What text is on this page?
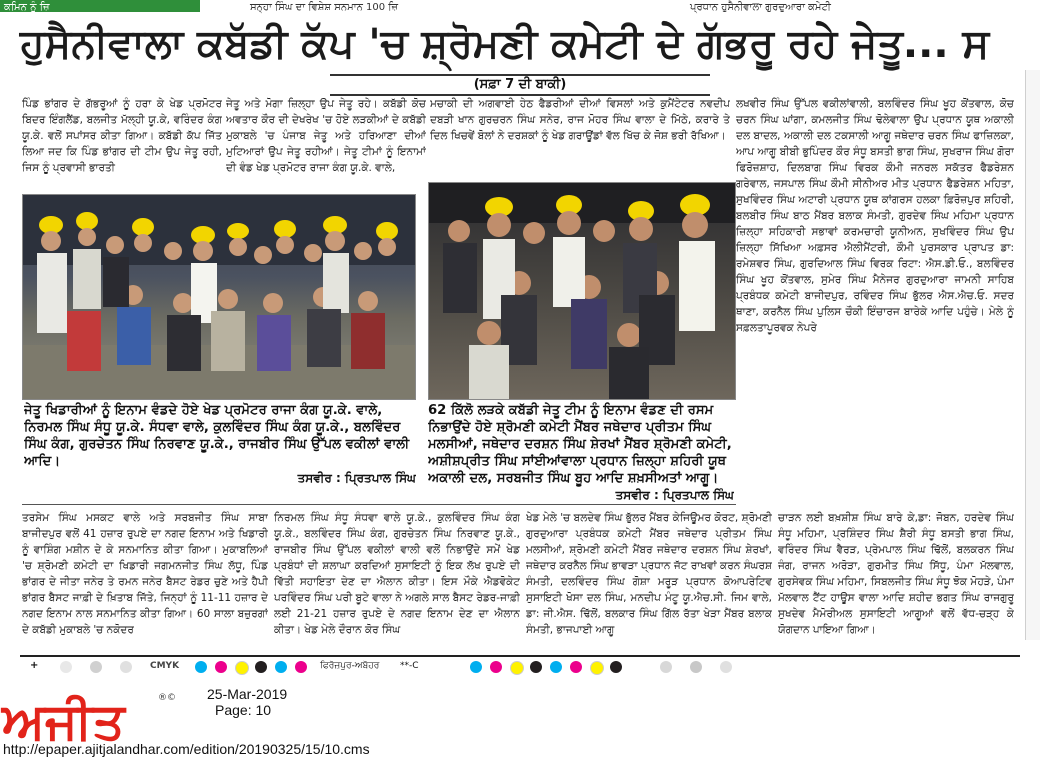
ਕਮਿਨ ਨੂੰ ਜ਼ਿ	ਸਨ੍ਹਾ ਸਿੰਘ ਦਾ ਵਿਸ਼ੇਸ਼ ਸਨਮਾਨ 100 ਜ਼ਿ	ਪ੍ਰਧਾਨ ਹੁਸੈਨੀਵਾਲਾ ਗੁਰਦੁਆਰਾ ਕਮੇਟੀ
ਹੁਸੈਨੀਵਾਲਾ ਕਬੱਡੀ ਕੱਪ 'ਚ ਸ਼੍ਰੋਮਣੀ ਕਮੇਟੀ ਦੇ ਗੱਭਰੂ ਰਹੇ ਜੇਤੂ... ਸ
(ਸਫ਼ਾ 7 ਦੀ ਬਾਕੀ)
ਪਿੰਡ ਭਾਂਗਰ ਦੇ ਗੱਭਰੂਆਂ ਨੂੰ ਹਰਾ ਕੇ ਖੇਡ ਪ੍ਰਮੋਟਰ ਬਿਦਰ ਇੰਗਲੈਂਡ, ਬਲਜੀਤ ਮੱਲ੍ਹੀ ਯੂ.ਕੇ, ਵਰਿੰਦਰ ਕੰਗ ਯੂ.ਕੇ. ਵਲੋਂ ਸਪਾਂਸਰ ਕੀਤਾ ਗਿਆ। ਕਬੱਡੀ ਕੱਪ ਜਿੱਤ ਲਿਆ ਜਦ ਕਿ ਪਿੰਡ ਭਾਂਗਰ ਦੀ ਟੀਮ ਉਪ ਜੇਤੂ ਰਹੀ, ਜਿਸ ਨੂੰ ਪ੍ਰਵਾਸੀ ਭਾਰਤੀ
ਜੇਤੂ ਅਤੇ ਮੋਗਾ ਜ਼ਿਲ੍ਹਾ ਉਪ ਜੇਤੂ ਰਹੇ। ਕਬੱਡੀ ਕੋਚ ਅਵਤਾਰ ਕੌਰ ਦੀ ਦੇਖਰੇਖ 'ਚ ਹੋਏ ਲੜਕੀਆਂ ਦੇ ਕਬੱਡੀ ਮੁਕਾਬਲੇ 'ਚ ਪੰਜਾਬ ਜੇਤੂ ਅਤੇ ਹਰਿਆਣਾ ਦੀਆਂ ਮੁਟਿਆਰਾਂ ਉਪ ਜੇਤੂ ਰਹੀਆਂ। ਜੇਤੂ ਟੀਮਾਂ ਨੂੰ ਇਨਾਮਾਂ ਦੀ ਵੰਡ ਖੇਡ ਪ੍ਰਮੋਟਰ ਰਾਜਾ ਕੰਗ ਯੂ.ਕੇ. ਵਾਲੇ,
ਮਚਾਕੀ ਦੀ ਅਗਵਾਈ ਹੇਠ ਫੈਡਰੀਆਂ ਦੀਆਂ ਵਿਸਲਾਂ ਅਤੇ ਕੁਮੈਂਟੇਟਰ ਨਵਦੀਪ ਦਬੜੀ ਖਾਨ ਗੁਰਚਰਨ ਸਿੰਘ ਸਨੇਰ, ਰਾਜ ਮੋਹਰ ਸਿੰਘ ਵਾਲਾ ਦੇ ਮਿੱਠੇ, ਕਰਾਰੇ ਤੇ ਦਿਲ ਖਿਚਵੇਂ ਬੋਲਾਂ ਨੇ ਦਰਸ਼ਕਾਂ ਨੂੰ ਖੇਡ ਗਰਾਊਂਡਾਂ ਵੱਲ ਖਿੱਚ ਕੇ ਜੋਸ਼ ਭਰੀ ਰੱਖਿਆ।
ਲਖਵੀਰ ਸਿੰਘ ਉੱਪਲ ਵਕੀਲਾਂਵਾਲੀ, ਬਲਵਿੰਦਰ ਸਿੰਘ ਖੂਹ ਕੋਂਤਵਾਲ, ਕੋਚ ਚਰਨ ਸਿੰਘ ਘਾਂਗਾ, ਕਮਲਜੀਤ ਸਿੰਘ ਢੋਲੇਵਾਲਾ ਉਪ ਪ੍ਰਧਾਨ ਯੂਥ ਅਕਾਲੀ ਦਲ ਬਾਦਲ, ਅਕਾਲੀ ਦਲ ਟਕਸਾਲੀ ਆਗੂ ਜਥੇਦਾਰ ਚਰਨ ਸਿੰਘ ਫਾਜ਼ਿਲਕਾ, ਆਪ ਆਗੂ ਬੀਬੀ ਭੁਪਿੰਦਰ ਕੌਰ ਸੰਧੂ ਬਸਤੀ ਭਾਗ ਸਿੰਘ, ਸੁਖਰਾਜ ਸਿੰਘ ਗੋਰਾ ਫਿਰੋਜ਼ਸ਼ਾਹ, ਦਿਲਬਾਗ ਸਿੰਘ ਵਿਰਕ ਕੌਮੀ ਜਨਰਲ ਸਕੱਤਰ ਫੈਡਰੇਸ਼ਨ ਗਰੇਵਾਲ, ਜਸਪਾਲ ਸਿੰਘ ਕੌਮੀ ਸੀਨੀਅਰ ਮੀਤ ਪ੍ਰਧਾਨ ਫੈਡਰੇਸ਼ਨ ਮਹਿਤਾ, ਸੁਖਵਿੰਦਰ ਸਿੰਘ ਅਟਾਰੀ ਪ੍ਰਧਾਨ ਯੂਥ ਕਾਂਗਰਸ ਹਲਕਾ ਫ਼ਿਰੋਜ਼ਪੁਰ ਸ਼ਹਿਰੀ, ਬਲਬੀਰ ਸਿੰਘ ਬਾਠ ਮੈਂਬਰ ਬਲਾਕ ਸੰਮਤੀ, ਗੁਰਦੇਵ ਸਿੰਘ ਮਹਿਮਾ ਪ੍ਰਧਾਨ ਜ਼ਿਲ੍ਹਾ ਸਹਿਕਾਰੀ ਸਭਾਵਾਂ ਕਰਮਚਾਰੀ ਯੂਨੀਅਨ, ਸੁਖਵਿੰਦਰ ਸਿੰਘ ਉਪ ਜ਼ਿਲ੍ਹਾ ਸਿੱਖਿਆ ਅਫ਼ਸਰ ਐਲੀਮੈਂਟਰੀ, ਕੌਮੀ ਪੁਰਸਕਾਰ ਪ੍ਰਾਪਤ ਡਾ: ਰਮੇਸ਼ਵਰ ਸਿੰਘ, ਗੁਰਦਿਆਲ ਸਿੰਘ ਵਿਰਕ ਰਿਟਾ: ਐਸ.ਡੀ.ਓ., ਬਲਵਿੰਦਰ ਸਿੰਘ ਖੂਹ ਕੋਂਤਵਾਲ, ਸੁਮੇਰ ਸਿੰਘ ਮੈਨੇਜਰ ਗੁਰਦੁਆਰਾ ਜਾਮਨੀ ਸਾਹਿਬ ਪ੍ਰਬੰਧਕ ਕਮੇਟੀ ਬਾਜੀਦਪੁਰ, ਰਵਿੰਦਰ ਸਿੰਘ ਭੁੱਲਰ ਐਸ.ਐਚ.ਓ. ਸਦਰ ਥਾਣਾ, ਕਰਨੈਲ ਸਿੰਘ ਪੁਲਿਸ ਚੌਕੀ ਇੰਚਾਰਜ ਬਾਰੇਕੇ ਆਦਿ ਪਹੁੰਚੇ। ਮੇਲੇ ਨੂੰ ਸਫ਼ਲਤਾਪੂਰਵਕ ਨੇਪਰੇ
ਜੇਤੂ ਖਿਡਾਰੀਆਂ ਨੂੰ ਇਨਾਮ ਵੰਡਦੇ ਹੋਏ ਖੇਡ ਪ੍ਰਮੋਟਰ ਰਾਜਾ ਕੰਗ ਯੂ.ਕੇ. ਵਾਲੇ, ਨਿਰਮਲ ਸਿੰਘ ਸੰਧੂ ਯੂ.ਕੇ. ਸੰਧਵਾ ਵਾਲੇ, ਕੁਲਵਿੰਦਰ ਸਿੰਘ ਕੰਗ ਯੂ.ਕੇ., ਬਲਵਿੰਦਰ ਸਿੰਘ ਕੰਗ, ਗੁਰਚੇਤਨ ਸਿੰਘ ਨਿਰਵਾਣ ਯੂ.ਕੇ., ਰਾਜਬੀਰ ਸਿੰਘ ਉੱਪਲ ਵਕੀਲਾਂ ਵਾਲੀ ਆਦਿ।
ਤਸਵੀਰ : ਪ੍ਰਿਤਪਾਲ ਸਿੰਘ
62 ਕਿੱਲੋ ਲੜਕੇ ਕਬੱਡੀ ਜੇਤੂ ਟੀਮ ਨੂੰ ਇਨਾਮ ਵੰਡਣ ਦੀ ਰਸਮ ਨਿਭਾਉਂਦੇ ਹੋਏ ਸ਼੍ਰੋਮਣੀ ਕਮੇਟੀ ਮੈਂਬਰ ਜਥੇਦਾਰ ਪ੍ਰੀਤਮ ਸਿੰਘ ਮਲਸੀਆਂ, ਜਥੇਦਾਰ ਦਰਸ਼ਨ ਸਿੰਘ ਸ਼ੇਰਖਾਂ ਮੈਂਬਰ ਸ਼੍ਰੋਮਣੀ ਕਮੇਟੀ, ਅਸ਼ੀਸ਼ਪ੍ਰੀਤ ਸਿੰਘ ਸਾਂਈਆਂਵਾਲਾ ਪ੍ਰਧਾਨ ਜ਼ਿਲ੍ਹਾ ਸ਼ਹਿਰੀ ਯੂਥ ਅਕਾਲੀ ਦਲ, ਸਰਬਜੀਤ ਸਿੰਘ ਬੂਹ ਆਦਿ ਸ਼ਖ਼ਸੀਅਤਾਂ ਆਗੂ।
ਤਸਵੀਰ : ਪ੍ਰਿਤਪਾਲ ਸਿੰਘ
ਤਰਸੇਮ ਸਿੰਘ ਮਸਕਟ ਵਾਲੇ ਅਤੇ ਸਰਬਜੀਤ ਸਿੰਘ ਸਾਬਾ ਬਾਜੀਦਪੁਰ ਵਲੋਂ 41 ਹਜ਼ਾਰ ਰੁਪਏ ਦਾ ਨਗਦ ਇਨਾਮ ਅਤੇ ਖਿਡਾਰੀ ਨੂੰ ਵਾਸ਼ਿੰਗ ਮਸ਼ੀਨ ਦੇ ਕੇ ਸਨਮਾਨਿਤ ਕੀਤਾ ਗਿਆ। ਮੁਕਾਬਲਿਆਂ 'ਚ ਸ਼੍ਰੋਮਣੀ ਕਮੇਟੀ ਦਾ ਖਿਡਾਰੀ ਜਗਮਨਜੀਤ ਸਿੰਘ ਲੱਧੂ, ਪਿੰਡ ਭਾਂਗਰ ਦੇ ਜੀਤਾ ਜਨੇਰ ਤੇ ਰਮਨ ਜਨੇਰ ਬੈਸਟ ਰੇਡਰ ਚੁਣੇ ਅਤੇ ਹੈਪੀ ਭਾਂਗਰ ਬੈਸਟ ਜਾਫ਼ੀ ਦੇ ਖ਼ਿਤਾਬ ਜਿੱਤੇ, ਜਿਨ੍ਹਾਂ ਨੂੰ 11-11 ਹਜ਼ਾਰ ਦੇ ਨਗਦ ਇਨਾਮ ਨਾਲ ਸਨਮਾਨਿਤ ਕੀਤਾ ਗਿਆ। 60 ਸਾਲਾ ਬਜ਼ੁਰਗਾਂ ਦੇ ਕਬੱਡੀ ਮੁਕਾਬਲੇ 'ਚ ਨਕੋਦਰ
ਨਿਰਮਲ ਸਿੰਘ ਸੰਧੂ ਸੰਧਵਾ ਵਾਲੇ ਯੂ.ਕੇ., ਕੁਲਵਿੰਦਰ ਸਿੰਘ ਕੰਗ ਯੂ.ਕੇ., ਬਲਵਿੰਦਰ ਸਿੰਘ ਕੰਗ, ਗੁਰਚੇਤਨ ਸਿੰਘ ਨਿਰਵਾਣ ਯੂ.ਕੇ., ਰਾਜਬੀਰ ਸਿੰਘ ਉੱਪਲ ਵਕੀਲਾਂ ਵਾਲੀ ਵਲੋਂ ਨਿਭਾਉਂਦੇ ਸਮੇਂ ਖੇਡ ਪ੍ਰਬੰਧਾਂ ਦੀ ਸ਼ਲਾਘਾ ਕਰਦਿਆਂ ਸੁਸਾਇਟੀ ਨੂੰ ਇਕ ਲੱਖ ਰੁਪਏ ਦੀ ਵਿੱਤੀ ਸਹਾਇਤਾ ਦੇਣ ਦਾ ਐਲਾਨ ਕੀਤਾ। ਇਸ ਮੌਕੇ ਐਡਵੋਕੇਟ ਪਰਵਿੰਦਰ ਸਿੰਘ ਪਰੀ ਬੂਟੇ ਵਾਲਾ ਨੇ ਅਗਲੇ ਸਾਲ ਬੈਸਟ ਰੇਡਰ-ਜਾਫ਼ੀ ਲਈ 21-21 ਹਜ਼ਾਰ ਰੁਪਏ ਦੇ ਨਗਦ ਇਨਾਮ ਦੇਣ ਦਾ ਐਲਾਨ ਕੀਤਾ। ਖੇਡ ਮੇਲੇ ਦੌਰਾਨ ਕੋਰ ਸਿੰਘ
ਖੇਡ ਮੇਲੇ 'ਚ ਬਲਦੇਵ ਸਿੰਘ ਭੁੱਲਰ ਮੈਂਬਰ ਕੇਜਿਊਮਰ ਕੋਰਟ, ਸ਼੍ਰੋਮਣੀ ਗੁਰਦੁਆਰਾ ਪ੍ਰਬੰਧਕ ਕਮੇਟੀ ਮੈਂਬਰ ਜਥੇਦਾਰ ਪ੍ਰੀਤਮ ਸਿੰਘ ਮਲਸੀਆਂ, ਸ਼੍ਰੋਮਣੀ ਕਮੇਟੀ ਮੈਂਬਰ ਜਥੇਦਾਰ ਦਰਸ਼ਨ ਸਿੰਘ ਸ਼ੇਰਖਾਂ, ਜਥੇਦਾਰ ਕਰਨੈਲ ਸਿੰਘ ਭਾਵੜਾ ਪ੍ਰਧਾਨ ਜੱਟ ਰਾਖਵਾਂ ਕਰਨ ਸੰਘਰਸ਼ ਸੰਮਤੀ, ਦਲਵਿੰਦਰ ਸਿੰਘ ਗੋਸ਼ਾ ਮਰੂੜ ਪ੍ਰਧਾਨ ਕੋਆਪਰੇਟਿਵ ਸੁਸਾਇਟੀ ਖੋਸਾ ਦਲ ਸਿੰਘ, ਮਨਦੀਪ ਮੰਟੂ ਯੂ.ਐਚ.ਸੀ. ਜਿਮ ਵਾਲੇ, ਡਾ: ਜੀ.ਐਸ. ਢਿੱਲੋਂ, ਬਲਕਾਰ ਸਿੰਘ ਗਿੱਲ ਰੱਤਾ ਖੇੜਾ ਮੈਂਬਰ ਬਲਾਕ ਸੰਮਤੀ, ਭਾਜਪਾਈ ਆਗੂ
ਚਾੜਨ ਲਈ ਬਖ਼ਸ਼ੀਸ਼ ਸਿੰਘ ਬਾਰੇ ਕੇ,ਡਾ: ਜੋਬਨ, ਹਰਦੇਵ ਸਿੰਘ ਸੰਧੂ ਮਹਿਮਾ, ਪ੍ਰਸ਼ਿੰਦਰ ਸਿੰਘ ਸ਼ੈਰੀ ਸੰਧੂ ਬਸਤੀ ਭਾਗ ਸਿੰਘ, ਵਰਿੰਦਰ ਸਿੰਘ ਵੈਰੜ, ਪ੍ਰੇਮਪਾਲ ਸਿੰਘ ਢਿੱਲੋਂ, ਬਲਕਰਨ ਸਿੰਘ ਜੰਗ, ਰਾਜਨ ਅਰੋੜਾ, ਗੁਰਮੀਤ ਸਿੰਘ ਸਿੱਧੂ, ਪੰਮਾ ਮੱਲਵਾਲ, ਗੁਰਸੇਵਕ ਸਿੰਘ ਮਹਿਮਾ, ਸਿਬਲਜੀਤ ਸਿੰਘ ਸੰਧੂ ਝੋਕ ਮੋਹੜੇ, ਪੰਮਾ ਮੱਲਵਾਲ ਟੈਂਟ ਹਾਊਸ ਵਾਲਾ ਆਦਿ ਸ਼ਹੀਦ ਭਗਤ ਸਿੰਘ ਰਾਜਗੁਰੂ ਸੁਖਦੇਵ ਮੈਮੋਰੀਅਲ ਸੁਸਾਇਟੀ ਆਗੂਆਂ ਵਲੋਂ ਵੱਧ-ਚੜ੍ਹ ਕੇ ਯੋਗਦਾਨ ਪਾਇਆ ਗਿਆ।
+	CMYK	ਫਿਰੋਜ਼ਪੁਰ-ਅਬੋਹਰ **-C
ਅਜੀਤ	®© 25-Mar-2019
Page: 10
http://epaper.ajitjalandhar.com/edition/20190325/15/10.cms
